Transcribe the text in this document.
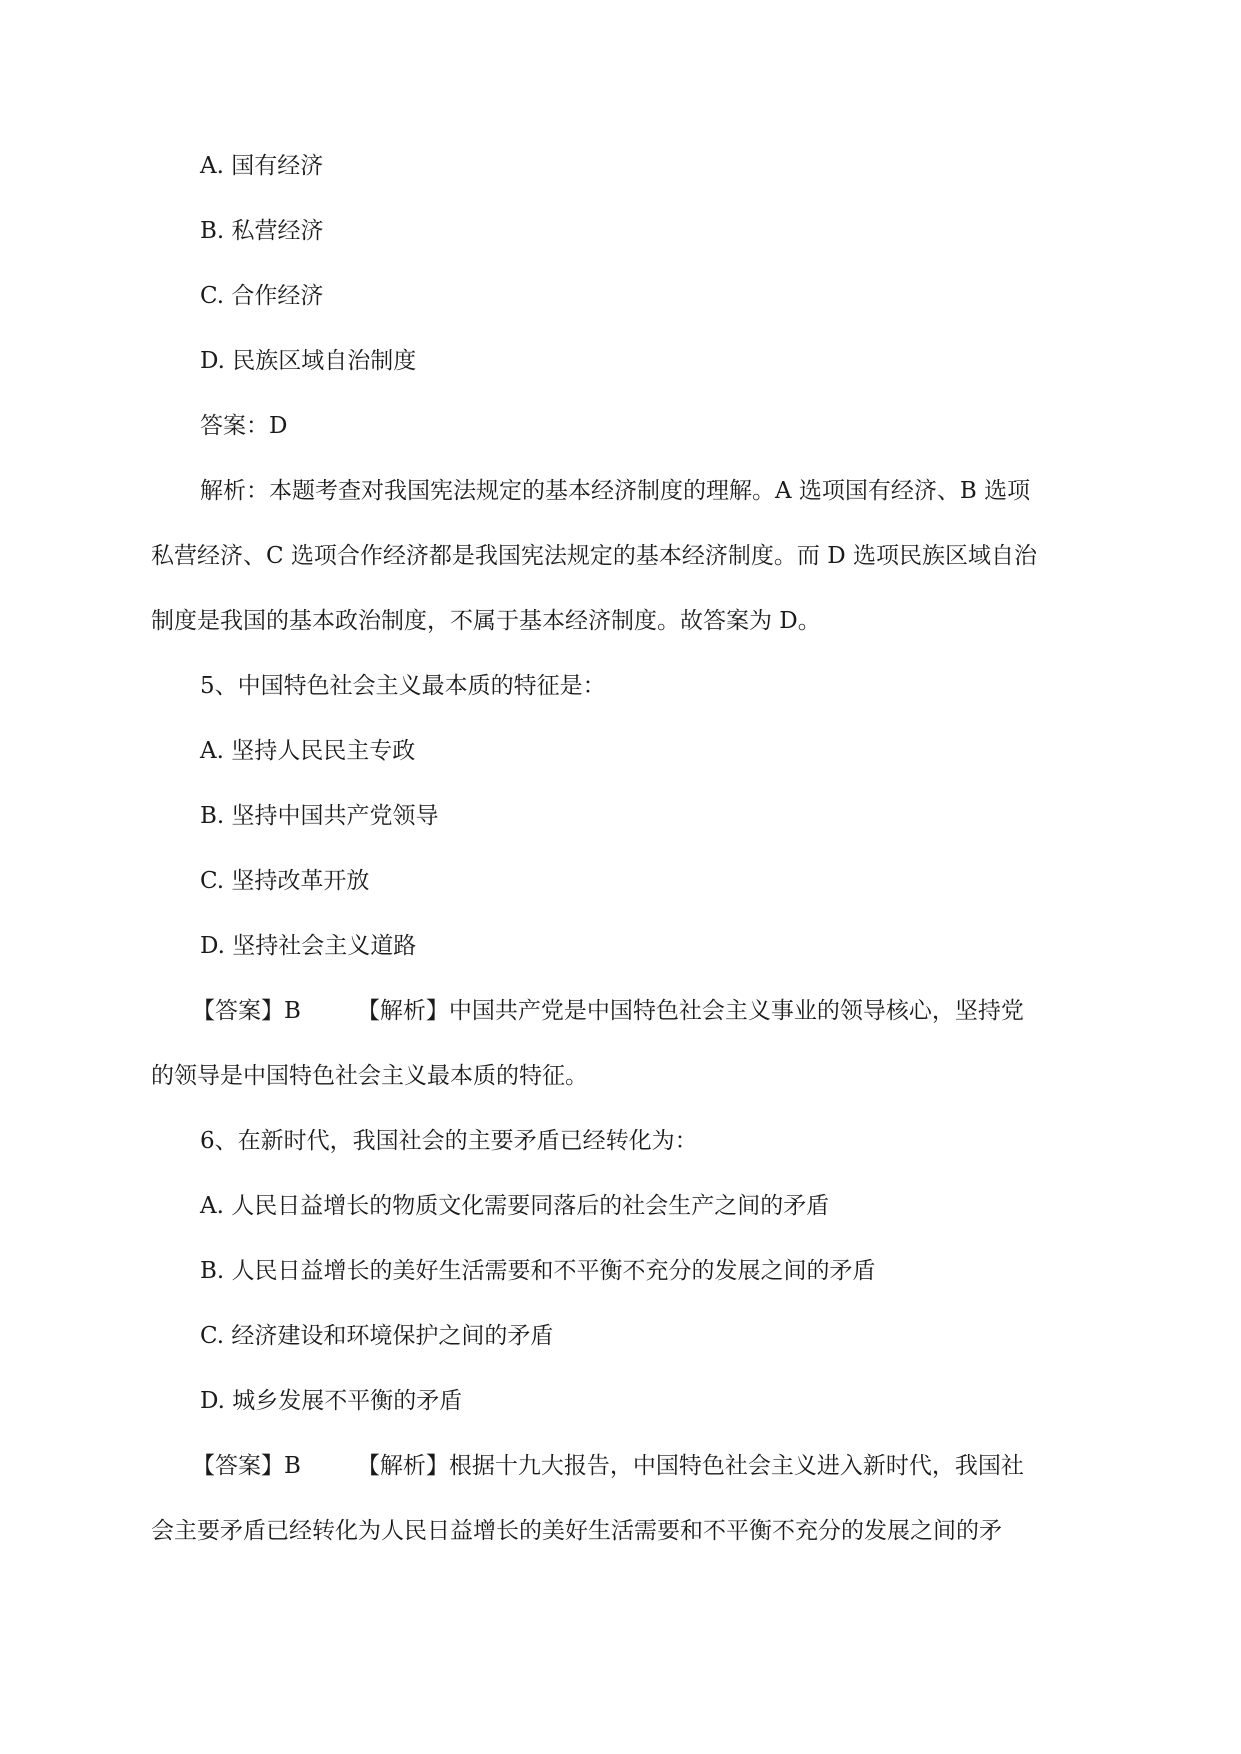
A. 国有经济
B. 私营经济
C. 合作经济
D. 民族区域自治制度
答案：D
解析：本题考查对我国宪法规定的基本经济制度的理解。A 选项国有经济、B 选项
私营经济、C 选项合作经济都是我国宪法规定的基本经济制度。而 D 选项民族区域自治
制度是我国的基本政治制度，不属于基本经济制度。故答案为 D。
5、中国特色社会主义最本质的特征是：
A. 坚持人民民主专政
B. 坚持中国共产党领导
C. 坚持改革开放
D. 坚持社会主义道路
【答案】B 【解析】中国共产党是中国特色社会主义事业的领导核心，坚持党
的领导是中国特色社会主义最本质的特征。
6、在新时代，我国社会的主要矛盾已经转化为：
A. 人民日益增长的物质文化需要同落后的社会生产之间的矛盾
B. 人民日益增长的美好生活需要和不平衡不充分的发展之间的矛盾
C. 经济建设和环境保护之间的矛盾
D. 城乡发展不平衡的矛盾
【答案】B 【解析】根据十九大报告，中国特色社会主义进入新时代，我国社
会主要矛盾已经转化为人民日益增长的美好生活需要和不平衡不充分的发展之间的矛
